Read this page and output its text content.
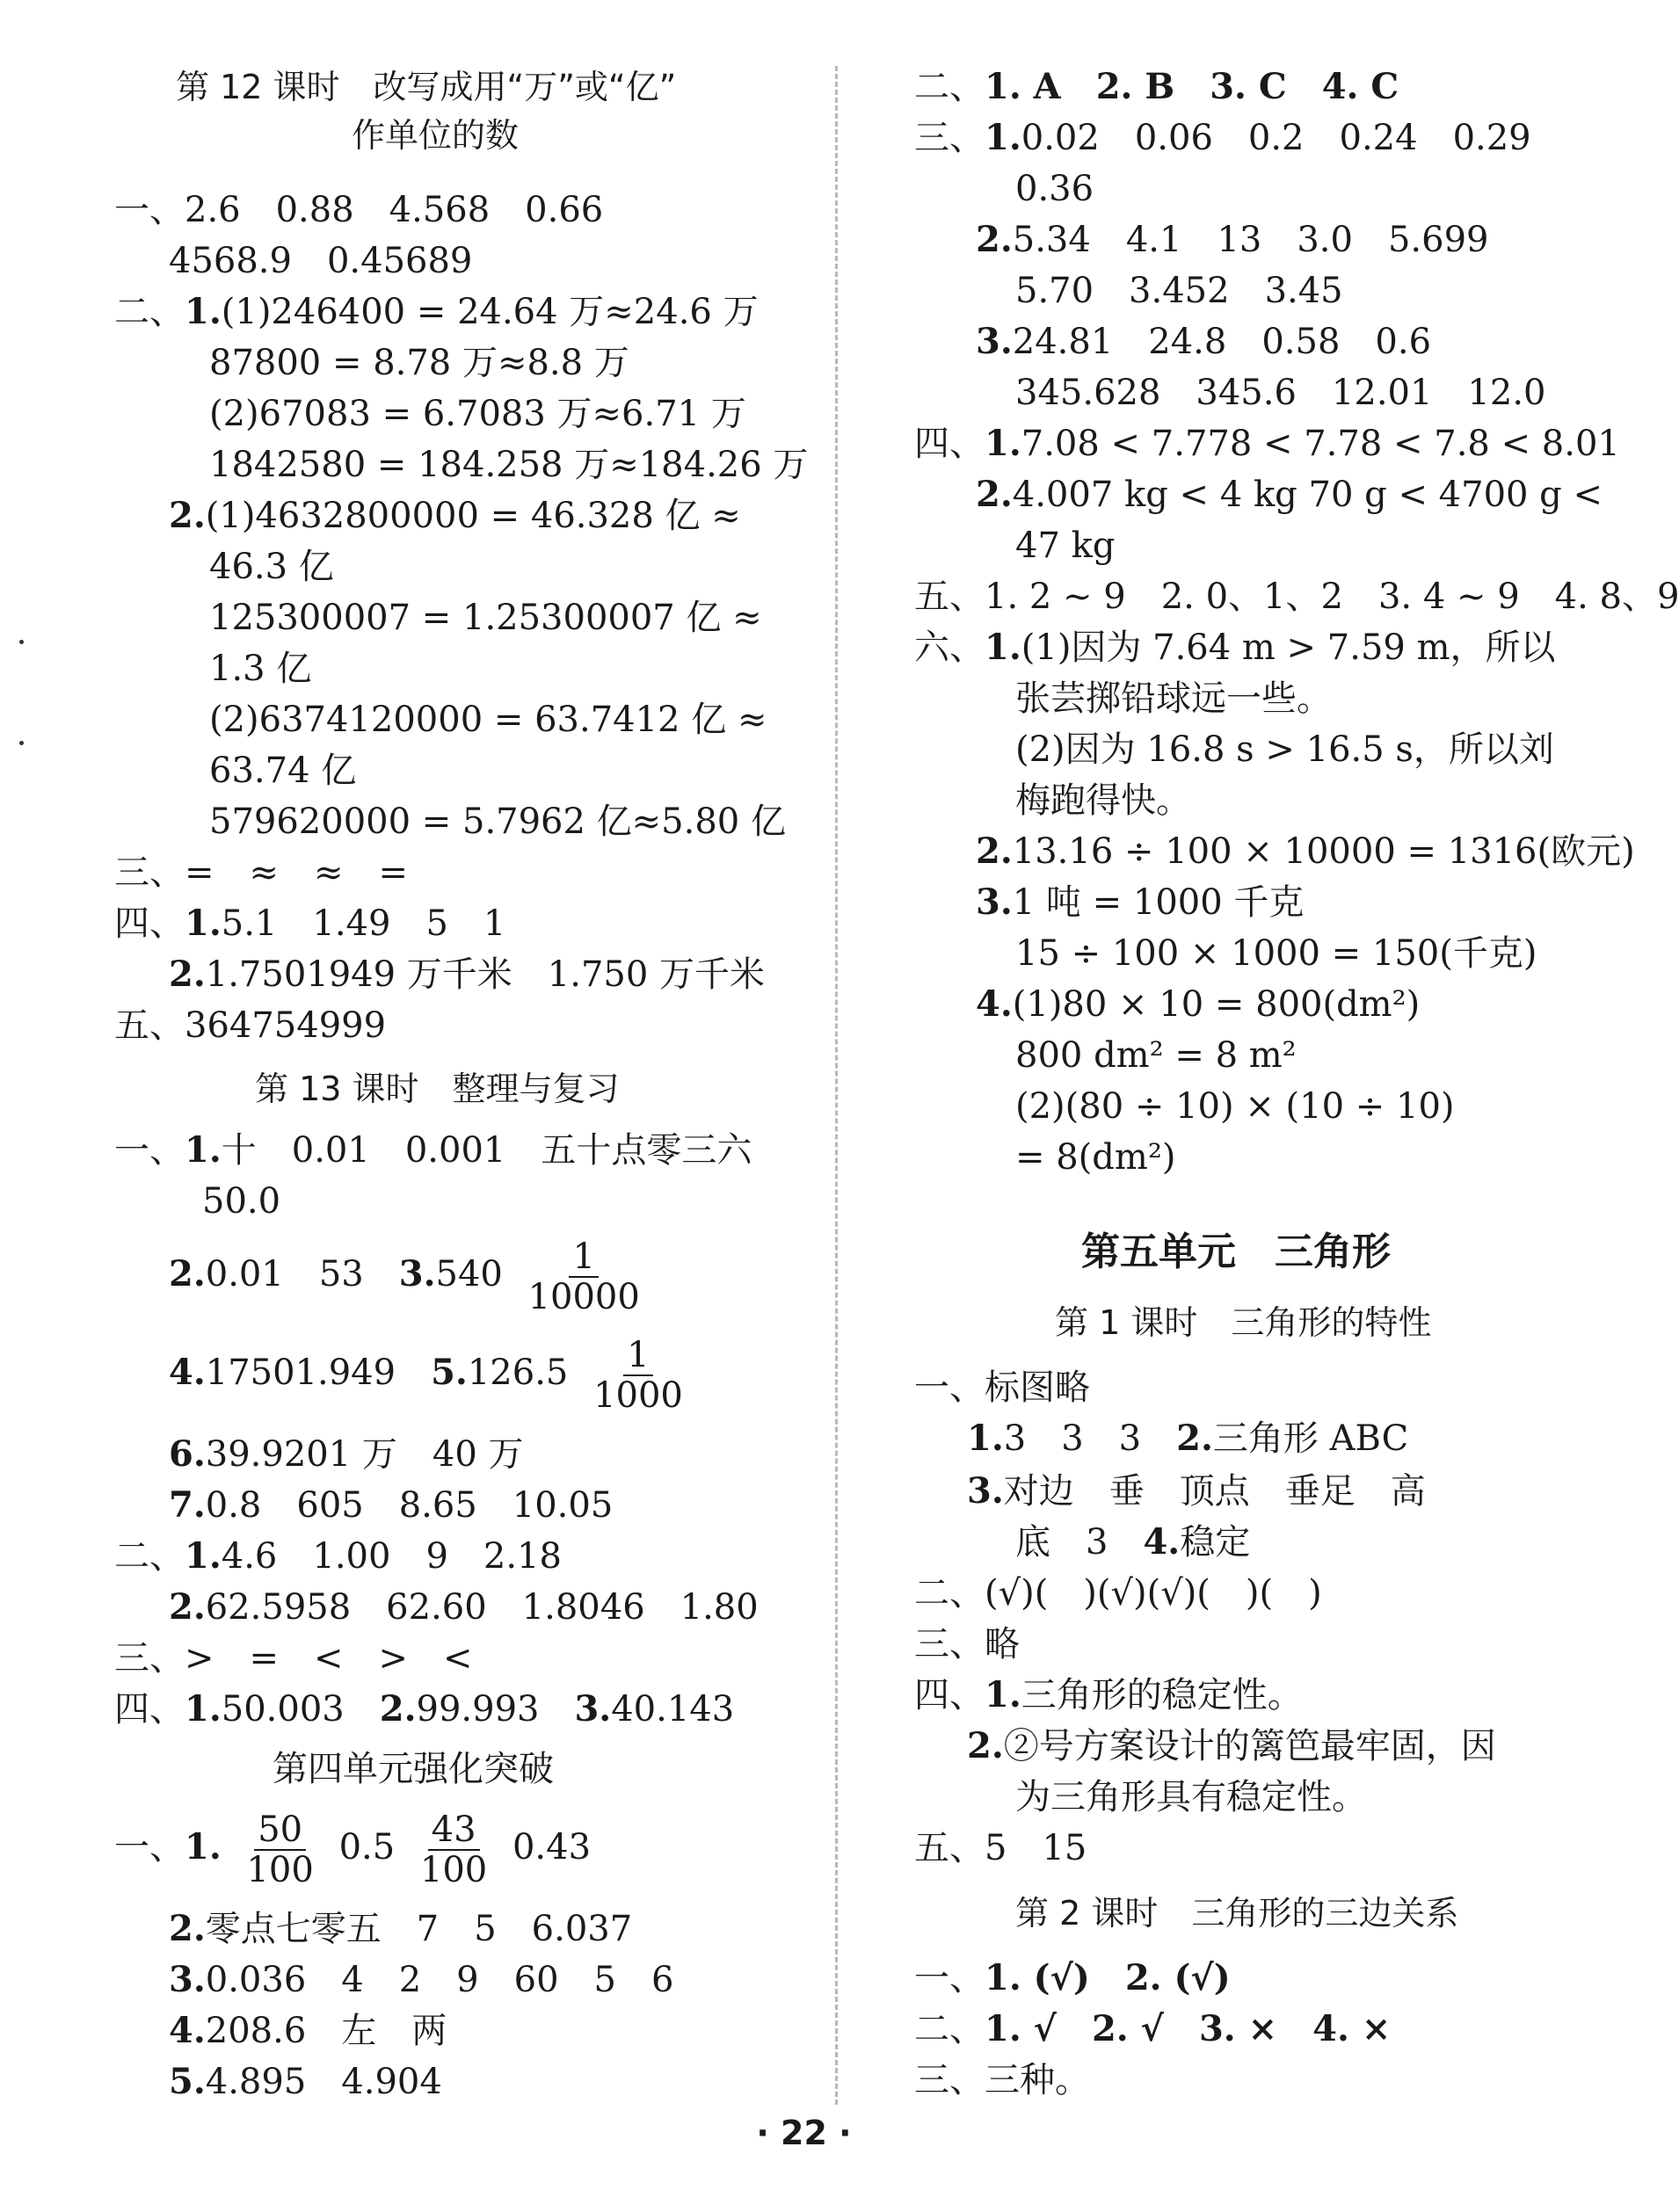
第 12 课时　改写成用“万”或“亿”
作单位的数
一、2.6　0.88　4.568　0.66
4568.9　0.45689
二、1.(1)246400 = 24.64 万≈24.6 万
87800 = 8.78 万≈8.8 万
(2)67083 = 6.7083 万≈6.71 万
1842580 = 184.258 万≈184.26 万
2.(1)4632800000 = 46.328 亿 ≈
46.3 亿
125300007 = 1.25300007 亿 ≈
1.3 亿
(2)6374120000 = 63.7412 亿 ≈
63.74 亿
579620000 = 5.7962 亿≈5.80 亿
三、=　≈　≈　=
四、1.5.1　1.49　5　1
2.1.7501949 万千米　1.750 万千米
五、364754999
第 13 课时　整理与复习
一、1.十　0.01　0.001　五十点零三六
50.0
2.0.01　53　 $3.540 \frac{1}{10000}$
4.17501.949　 $5.126.5 \frac{1}{1000}$
6.39.9201 万　40 万
7.0.8　605　8.65　10.05
二、1.4.6　1.00　9　2.18
2.62.5958　62.60　1.8046　1.80
三、>　=　<　>　<
四、1.50.003　 2.99.993　 3.40.143
第四单元强化突破
一、1. $\frac{50}{100} 0.5 \frac{43}{100} 0.43$
2.零点七零五　7　5　6.037
3.0.036　4　2　9　60　5　6
4.208.6　左　两
5.4.895　4.904
二、1. A　2. B　3. C　4. C
三、1.0.02　0.06　0.2　0.24　0.29
0.36
2.5.34　4.1　13　3.0　5.699
5.70　3.452　3.45
3.24.81　24.8　0.58　0.6
345.628　345.6　12.01　12.0
四、1.7.08 < 7.778 < 7.78 < 7.8 < 8.01
2.4.007 kg < 4 kg 70 g < 4700 g <
47 kg
五、1. 2 ~ 9　2. 0、1、2　3. 4 ~ 9　4. 8、9
六、1.(1)因为 7.64 m > 7.59 m，所以
张芸掷铅球远一些。
(2)因为 16.8 s > 16.5 s，所以刘
梅跑得快。
2.13.16 ÷ 100 × 10000 = 1316(欧元)
3.1 吨 = 1000 千克
15 ÷ 100 × 1000 = 150(千克)
4.(1)80 × 10 = 800(dm²)
800 dm² = 8 m²
(2)(80 ÷ 10) × (10 ÷ 10)
= 8(dm²)
第五单元　三角形
第 1 课时　三角形的特性
一、标图略
1.3　3　3　 2.三角形 ABC
3.对边　垂　顶点　垂足　高
底　3　 4.稳定
二、(√)(　)(√)(√)(　)(　)
三、略
四、1.三角形的稳定性。
2.②号方案设计的篱笆最牢固，因
为三角形具有稳定性。
五、5　15
第 2 课时　三角形的三边关系
一、1. (√)　2. (√)
二、1. √　2. √　3. ×　4. ×
三、三种。
· 22 ·
